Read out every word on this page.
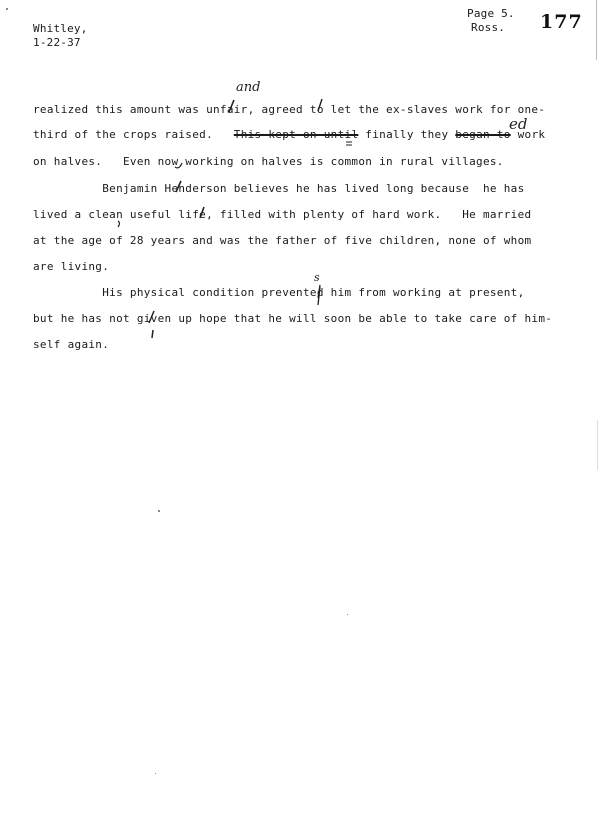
Whitley,
1-22-37
Page 5.
Ross.	177
and
ed
s
realized this amount was unfair, agreed to let the ex-slaves work for one-
third of the crops raised.   This kept on until finally they began to work
on halves.   Even now working on halves is common in rural villages.
Benjamin Henderson believes he has lived long because  he has
lived a clean useful life, filled with plenty of hard work.   He married
at the age of 28 years and was the father of five children, none of whom
are living.
His physical condition prevented him from working at present,
but he has not given up hope that he will soon be able to take care of him-
self again.
